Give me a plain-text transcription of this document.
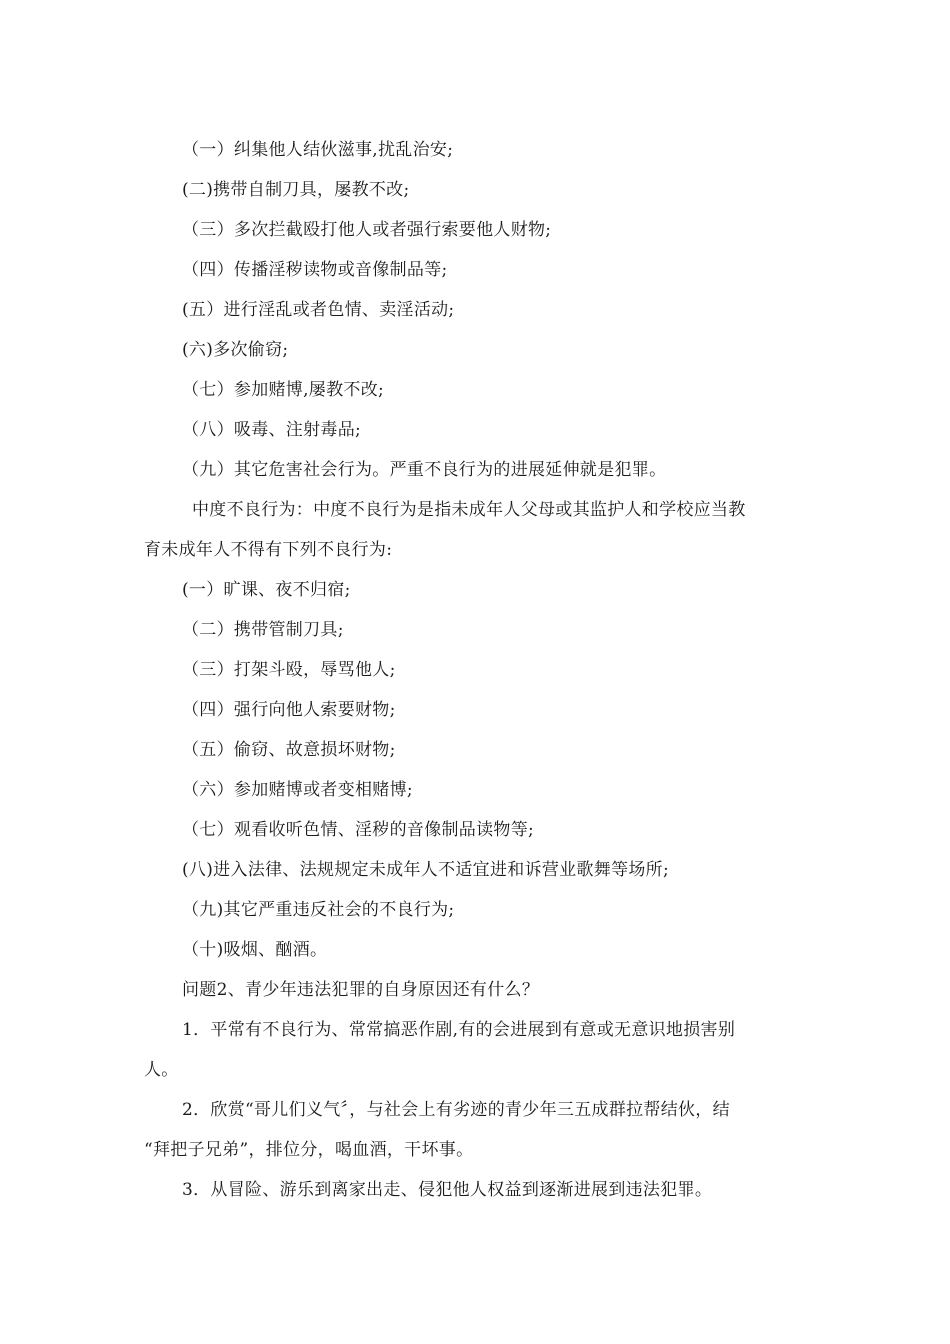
（一）纠集他人结伙滋事,扰乱治安;
(二)携带自制刀具，屡教不改;
（三）多次拦截殴打他人或者强行索要他人财物;
（四）传播淫秽读物或音像制品等;
(五）进行淫乱或者色情、卖淫活动;
(六)多次偷窃;
（七）参加赌博,屡教不改;
（八）吸毒、注射毒品;
（九）其它危害社会行为。严重不良行为的进展延伸就是犯罪。
中度不良行为：中度不良行为是指未成年人父母或其监护人和学校应当教
育未成年人不得有下列不良行为:
(一）旷课、夜不归宿;
（二）携带管制刀具;
（三）打架斗殴，辱骂他人;
（四）强行向他人索要财物;
（五）偷窃、故意损坏财物;
（六）参加赌博或者变相赌博;
（七）观看收听色情、淫秽的音像制品读物等;
(八)进入法律、法规规定未成年人不适宜进和诉营业歌舞等场所;
（九)其它严重违反社会的不良行为;
（十)吸烟、酗酒。
问题2、青少年违法犯罪的自身原因还有什么？
1．平常有不良行为、常常搞恶作剧,有的会进展到有意或无意识地损害别
人。
2．欣赏“哥儿们义气〞，与社会上有劣迹的青少年三五成群拉帮结伙，结
“拜把子兄弟”，排位分，喝血酒，干坏事。
3．从冒险、游乐到离家出走、侵犯他人权益到逐渐进展到违法犯罪。
